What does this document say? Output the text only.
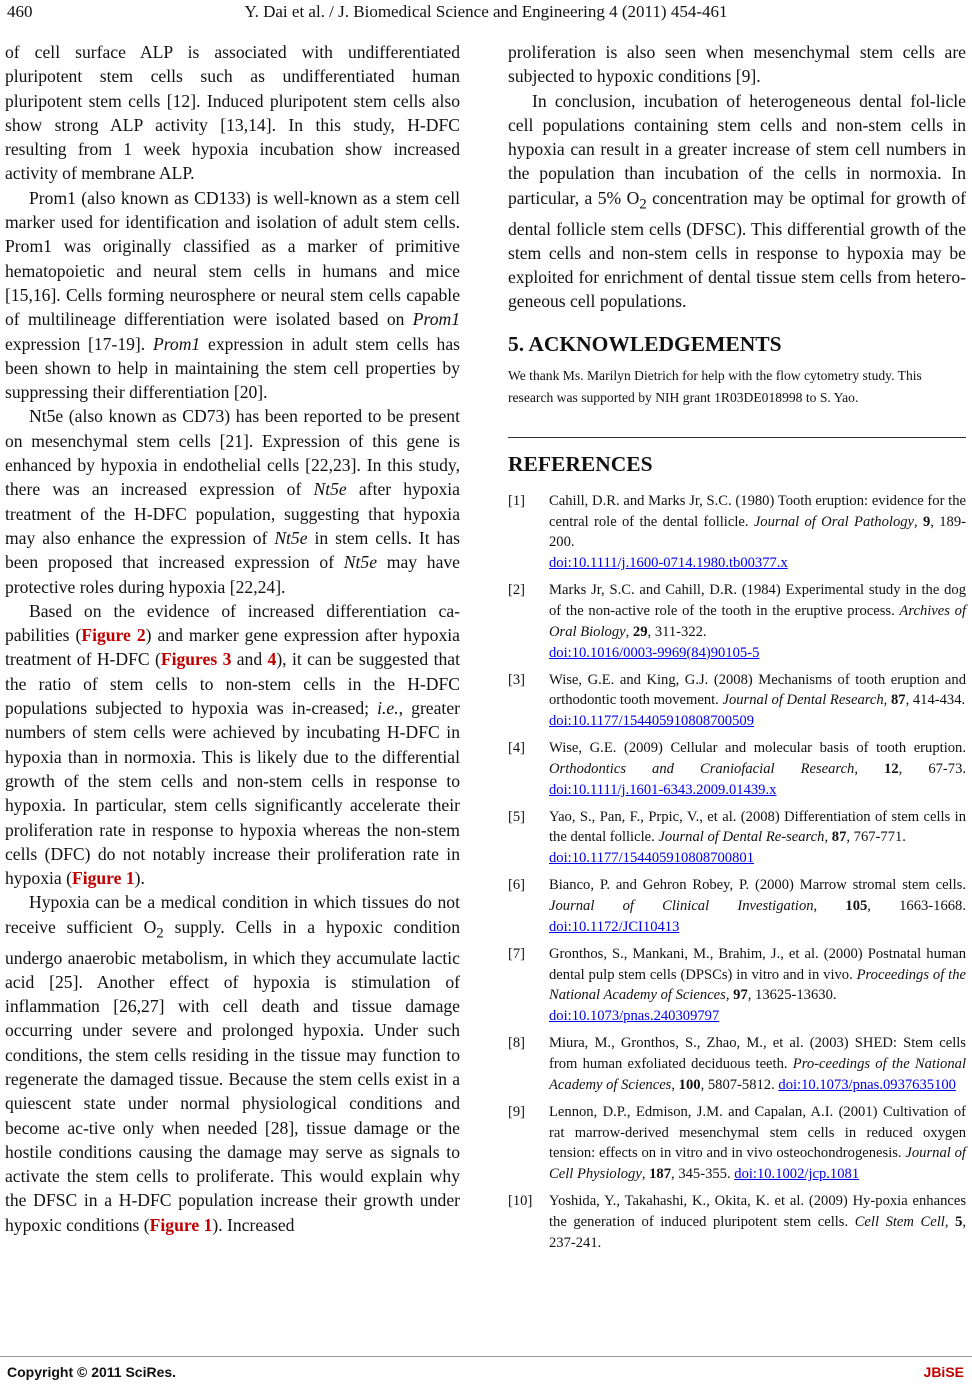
460	Y. Dai et al. / J. Biomedical Science and Engineering 4 (2011) 454-461

of cell surface ALP is associated with undifferentiated pluripotent stem cells such as undifferentiated human pluripotent stem cells [12]. Induced pluripotent stem cells also show strong ALP activity [13,14]. In this study, H-DFC resulting from 1 week hypoxia incubation show increased activity of membrane ALP.

Prom1 (also known as CD133) is well-known as a stem cell marker used for identification and isolation of adult stem cells. Prom1 was originally classified as a marker of primitive hematopoietic and neural stem cells in humans and mice [15,16]. Cells forming neurosphere or neural stem cells capable of multilineage differentiation were isolated based on Prom1 expression [17-19]. Prom1 expression in adult stem cells has been shown to help in maintaining the stem cell properties by suppressing their differentiation [20].

Nt5e (also known as CD73) has been reported to be present on mesenchymal stem cells [21]. Expression of this gene is enhanced by hypoxia in endothelial cells [22,23]. In this study, there was an increased expression of Nt5e after hypoxia treatment of the H-DFC population, suggesting that hypoxia may also enhance the expression of Nt5e in stem cells. It has been proposed that increased expression of Nt5e may have protective roles during hypoxia [22,24].

Based on the evidence of increased differentiation ca-pabilities (Figure 2) and marker gene expression after hypoxia treatment of H-DFC (Figures 3 and 4), it can be suggested that the ratio of stem cells to non-stem cells in the H-DFC populations subjected to hypoxia was in-creased; i.e., greater numbers of stem cells were achieved by incubating H-DFC in hypoxia than in normoxia. This is likely due to the differential growth of the stem cells and non-stem cells in response to hypoxia. In particular, stem cells significantly accelerate their proliferation rate in response to hypoxia whereas the non-stem cells (DFC) do not notably increase their proliferation rate in hypoxia (Figure 1).

Hypoxia can be a medical condition in which tissues do not receive sufficient $O_2$ supply. Cells in a hypoxic condition undergo anaerobic metabolism, in which they accumulate lactic acid [25]. Another effect of hypoxia is stimulation of inflammation [26,27] with cell death and tissue damage occurring under severe and prolonged hypoxia. Under such conditions, the stem cells residing in the tissue may function to regenerate the damaged tissue. Because the stem cells exist in a quiescent state under normal physiological conditions and become ac-tive only when needed [28], tissue damage or the hostile conditions causing the damage may serve as signals to activate the stem cells to proliferate. This would explain why the DFSC in a H-DFC population increase their growth under hypoxic conditions (Figure 1). Increased

proliferation is also seen when mesenchymal stem cells are subjected to hypoxic conditions [9].

In conclusion, incubation of heterogeneous dental fol-licle cell populations containing stem cells and non-stem cells in hypoxia can result in a greater increase of stem cell numbers in the population than incubation of the cells in normoxia. In particular, a 5% $O_2$ concentration may be optimal for growth of dental follicle stem cells (DFSC). This differential growth of the stem cells and non-stem cells in response to hypoxia may be exploited for enrichment of dental tissue stem cells from hetero-geneous cell populations.

5. ACKNOWLEDGEMENTS

We thank Ms. Marilyn Dietrich for help with the flow cytometry study. This research was supported by NIH grant 1R03DE018998 to S. Yao.

REFERENCES
[1] Cahill, D.R. and Marks Jr, S.C. (1980) Tooth eruption: evidence for the central role of the dental follicle. Journal of Oral Pathology, 9, 189-200.
doi:10.1111/j.1600-0714.1980.tb00377.x
[2] Marks Jr, S.C. and Cahill, D.R. (1984) Experimental study in the dog of the non-active role of the tooth in the eruptive process. Archives of Oral Biology, 29, 311-322.
doi:10.1016/0003-9969(84)90105-5
[3] Wise, G.E. and King, G.J. (2008) Mechanisms of tooth eruption and orthodontic tooth movement. Journal of Dental Research, 87, 414-434.
doi:10.1177/154405910808700509
[4] Wise, G.E. (2009) Cellular and molecular basis of tooth eruption. Orthodontics and Craniofacial Research, 12, 67-73. doi:10.1111/j.1601-6343.2009.01439.x
[5] Yao, S., Pan, F., Prpic, V., et al. (2008) Differentiation of stem cells in the dental follicle. Journal of Dental Re-search, 87, 767-771.
doi:10.1177/154405910808700801
[6] Bianco, P. and Gehron Robey, P. (2000) Marrow stromal stem cells. Journal of Clinical Investigation, 105, 1663-1668. doi:10.1172/JCI10413
[7] Gronthos, S., Mankani, M., Brahim, J., et al. (2000) Postnatal human dental pulp stem cells (DPSCs) in vitro and in vivo. Proceedings of the National Academy of Sciences, 97, 13625-13630.
doi:10.1073/pnas.240309797
[8] Miura, M., Gronthos, S., Zhao, M., et al. (2003) SHED: Stem cells from human exfoliated deciduous teeth. Pro-ceedings of the National Academy of Sciences, 100, 5807-5812. doi:10.1073/pnas.0937635100
[9] Lennon, D.P., Edmison, J.M. and Capalan, A.I. (2001) Cultivation of rat marrow-derived mesenchymal stem cells in reduced oxygen tension: effects on in vitro and in vivo osteochondrogenesis. Journal of Cell Physiology, 187, 345-355. doi:10.1002/jcp.1081
[10] Yoshida, Y., Takahashi, K., Okita, K. et al. (2009) Hy-poxia enhances the generation of induced pluripotent stem cells. Cell Stem Cell, 5, 237-241.
Copyright © 2011 SciRes.	JBiSE
